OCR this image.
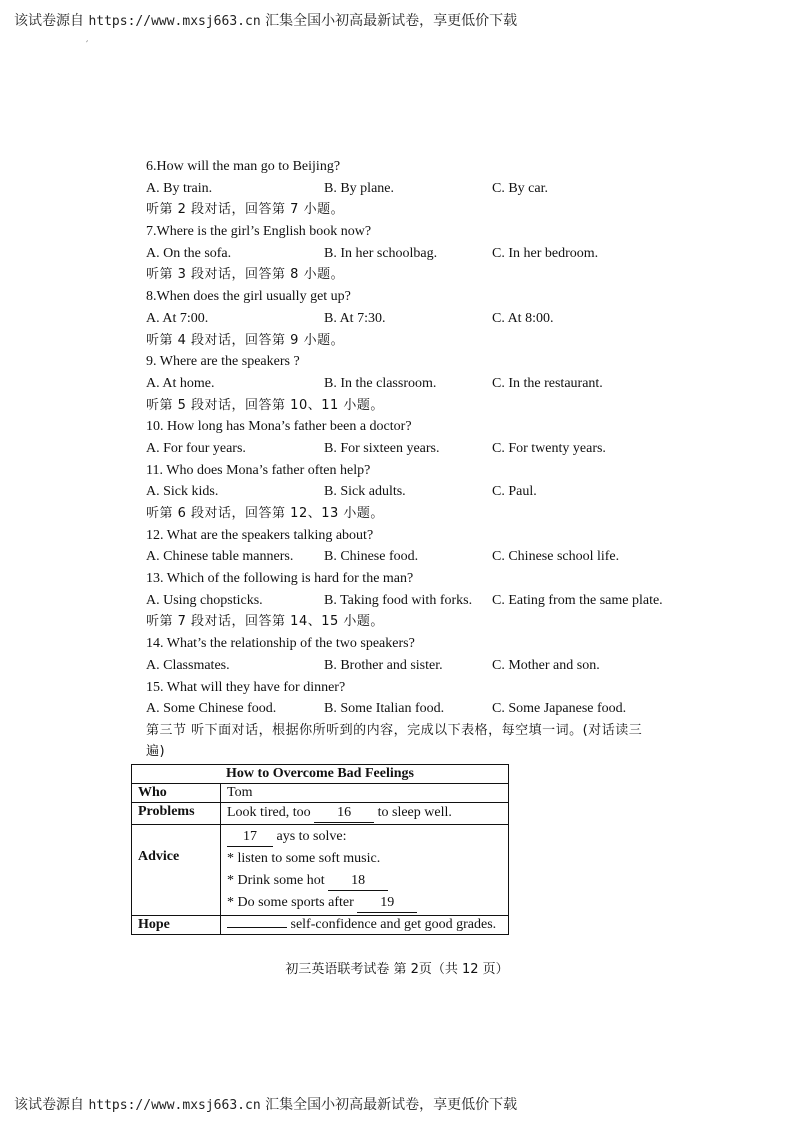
该试卷源自 https://www.mxsj663.cn 汇集全国小初高最新试卷，享更低价下载
′
6.How will the man go to Beijing?
A. By train.	B. By plane.	C. By car.
听第 2 段对话，回答第 7 小题。
7.Where is the girl’s English book now?
A. On the sofa.	B. In her schoolbag.	C. In her bedroom.
听第 3 段对话，回答第 8 小题。
8.When does the girl usually get up?
A. At 7:00.	B. At 7:30.	C. At 8:00.
听第 4 段对话，回答第 9 小题。
9. Where are the speakers ?
A. At home.	B. In the classroom.	C. In the restaurant.
听第 5 段对话，回答第 10、11 小题。
10. How long has Mona’s father been a doctor?
A. For four years.	B. For sixteen years.	C. For twenty years.
11. Who does Mona’s father often help?
A. Sick kids.	B. Sick adults.	C. Paul.
听第 6 段对话，回答第 12、13 小题。
12. What are the speakers talking about?
A. Chinese table manners. B. Chinese food.	C. Chinese school life.
13. Which of the following is hard for the man?
A. Using chopsticks.	B. Taking food with forks. C. Eating from the same plate.
听第 7 段对话，回答第 14、15 小题。
14. What’s the relationship of the two speakers?
A. Classmates.	B. Brother and sister.	C. Mother and son.
15. What will they have for dinner?
A. Some Chinese food.	B. Some Italian food.	C. Some Japanese food.
第三节 听下面对话，根据你所听到的内容，完成以下表格，每空填一词。(对话读三遍)
How to Overcome Bad Feelings	
Who	Tom
Problems	Look tired, too 16 to sleep well.
Advice	17 ays to solve:
* listen to some soft music.
* Drink some hot 18
* Do some sports after 19

Hope	self-confidence and get good grades.
初三英语联考试卷 第 2页（共 12 页）
该试卷源自 https://www.mxsj663.cn 汇集全国小初高最新试卷，享更低价下载
